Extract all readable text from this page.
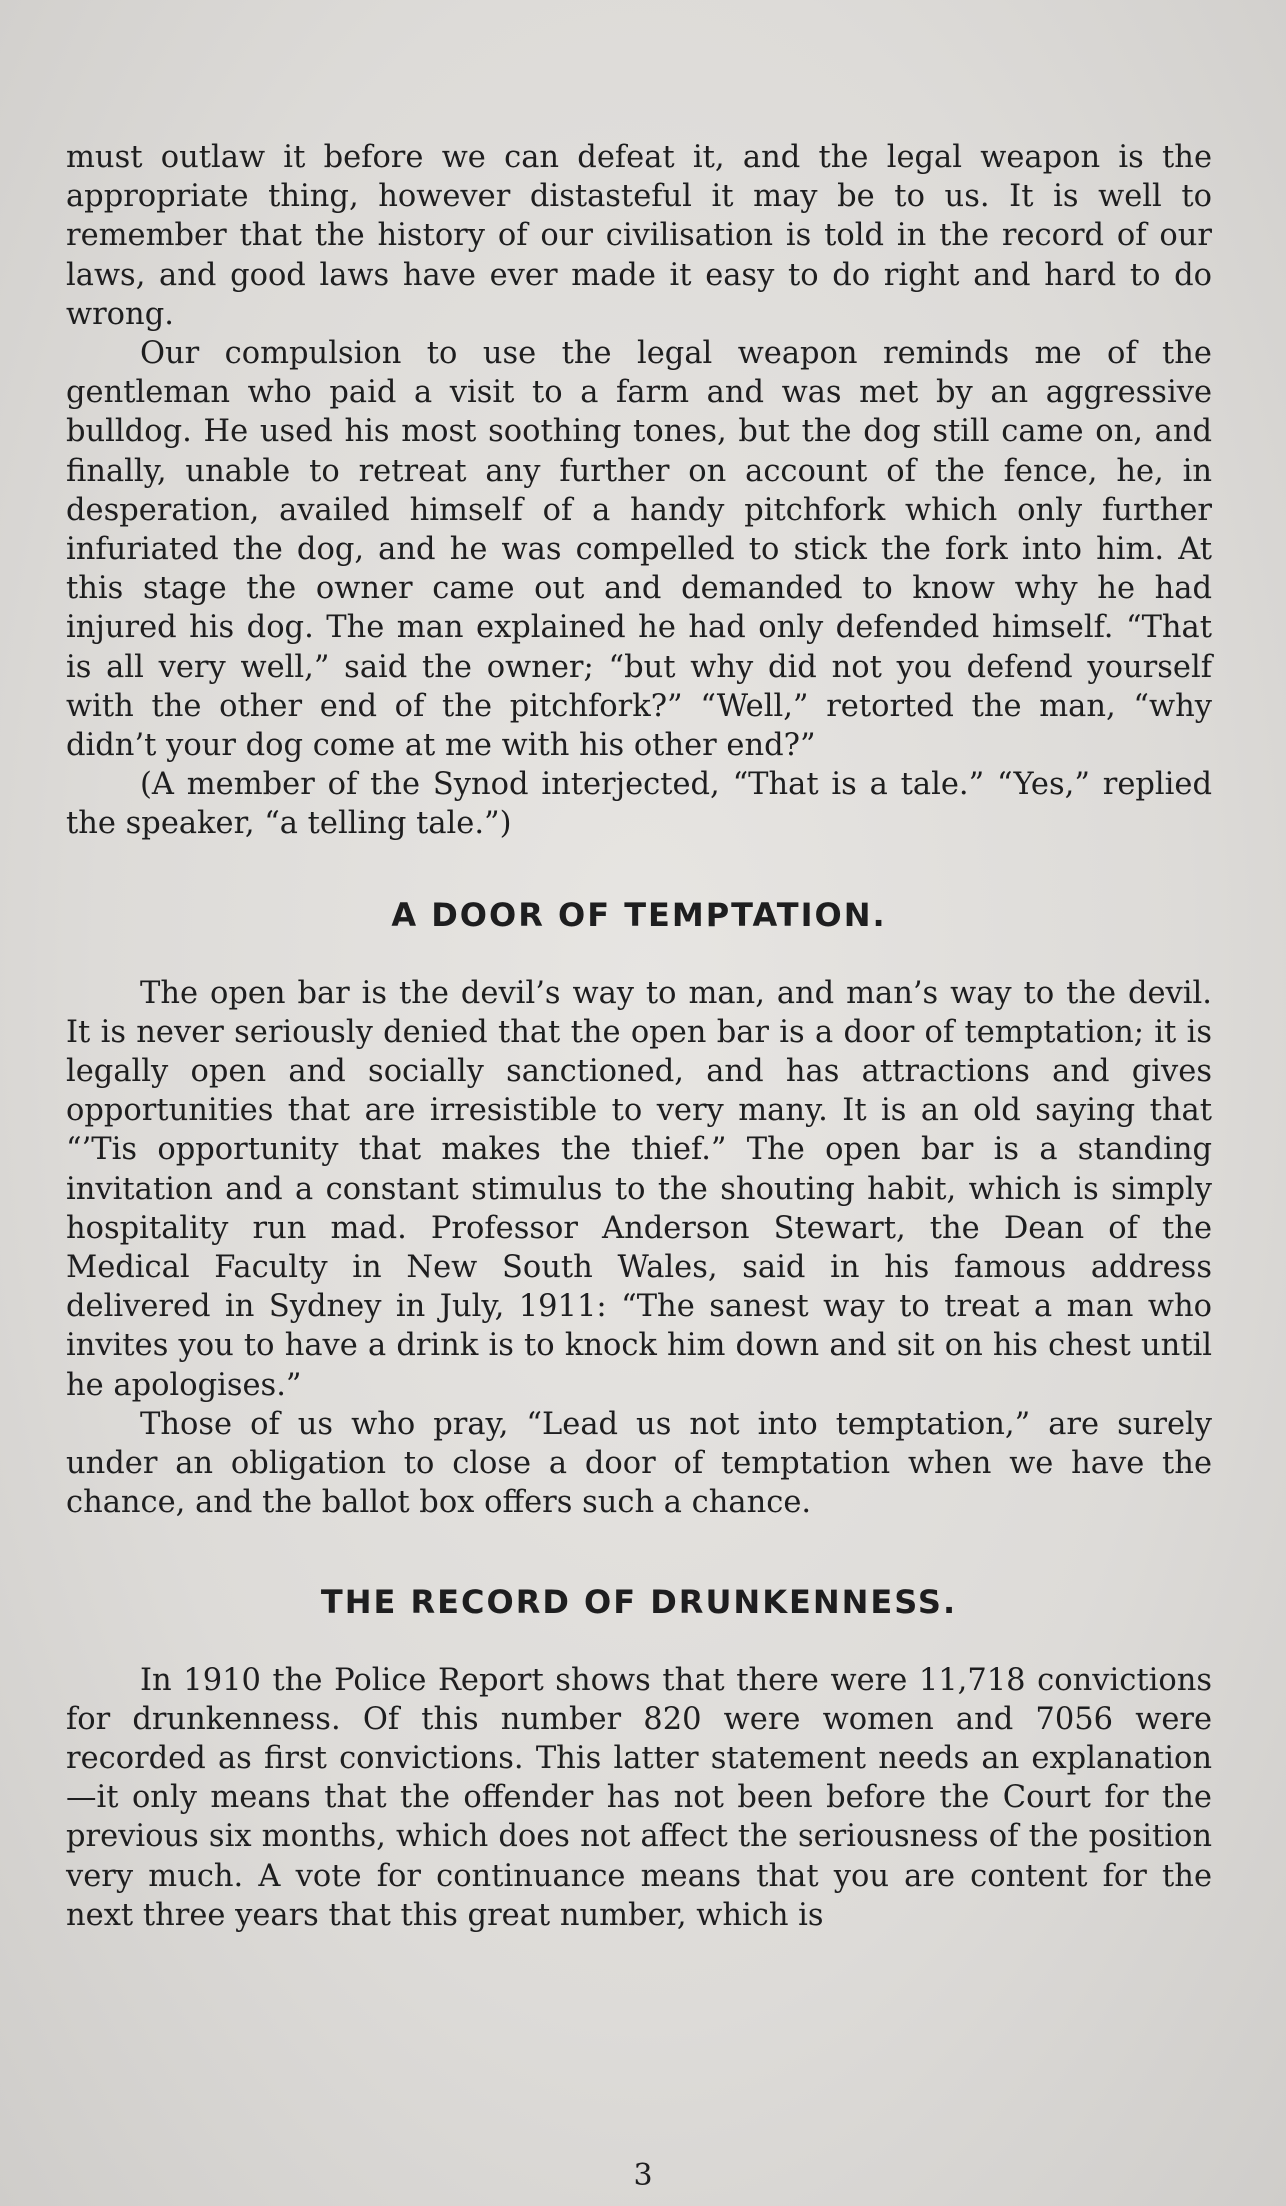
must outlaw it before we can defeat it, and the legal weapon is the appropriate thing, however distasteful it may be to us. It is well to remember that the history of our civilisation is told in the record of our laws, and good laws have ever made it easy to do right and hard to do wrong.

Our compulsion to use the legal weapon reminds me of the gentleman who paid a visit to a farm and was met by an aggressive bulldog. He used his most soothing tones, but the dog still came on, and finally, unable to retreat any further on account of the fence, he, in desperation, availed himself of a handy pitchfork which only further infuriated the dog, and he was compelled to stick the fork into him. At this stage the owner came out and demanded to know why he had injured his dog. The man explained he had only defended himself. “That is all very well,” said the owner; “but why did not you defend yourself with the other end of the pitchfork?” “Well,” retorted the man, “why didn’t your dog come at me with his other end?”

(A member of the Synod interjected, “That is a tale.” “Yes,” replied the speaker, “a telling tale.”)

A DOOR OF TEMPTATION.

The open bar is the devil’s way to man, and man’s way to the devil. It is never seriously denied that the open bar is a door of temptation; it is legally open and socially sanctioned, and has attractions and gives opportunities that are irresistible to very many. It is an old saying that “’Tis opportunity that makes the thief.” The open bar is a standing invitation and a constant stimulus to the shouting habit, which is simply hospitality run mad. Professor Anderson Stewart, the Dean of the Medical Faculty in New South Wales, said in his famous address delivered in Sydney in July, 1911: “The sanest way to treat a man who invites you to have a drink is to knock him down and sit on his chest until he apologises.”

Those of us who pray, “Lead us not into temptation,” are surely under an obligation to close a door of temptation when we have the chance, and the ballot box offers such a chance.

THE RECORD OF DRUNKENNESS.

In 1910 the Police Report shows that there were 11,718 convictions for drunkenness. Of this number 820 were women and 7056 were recorded as first convictions. This latter statement needs an explanation—it only means that the offender has not been before the Court for the previous six months, which does not affect the seriousness of the position very much. A vote for continuance means that you are content for the next three years that this great number, which is

3
